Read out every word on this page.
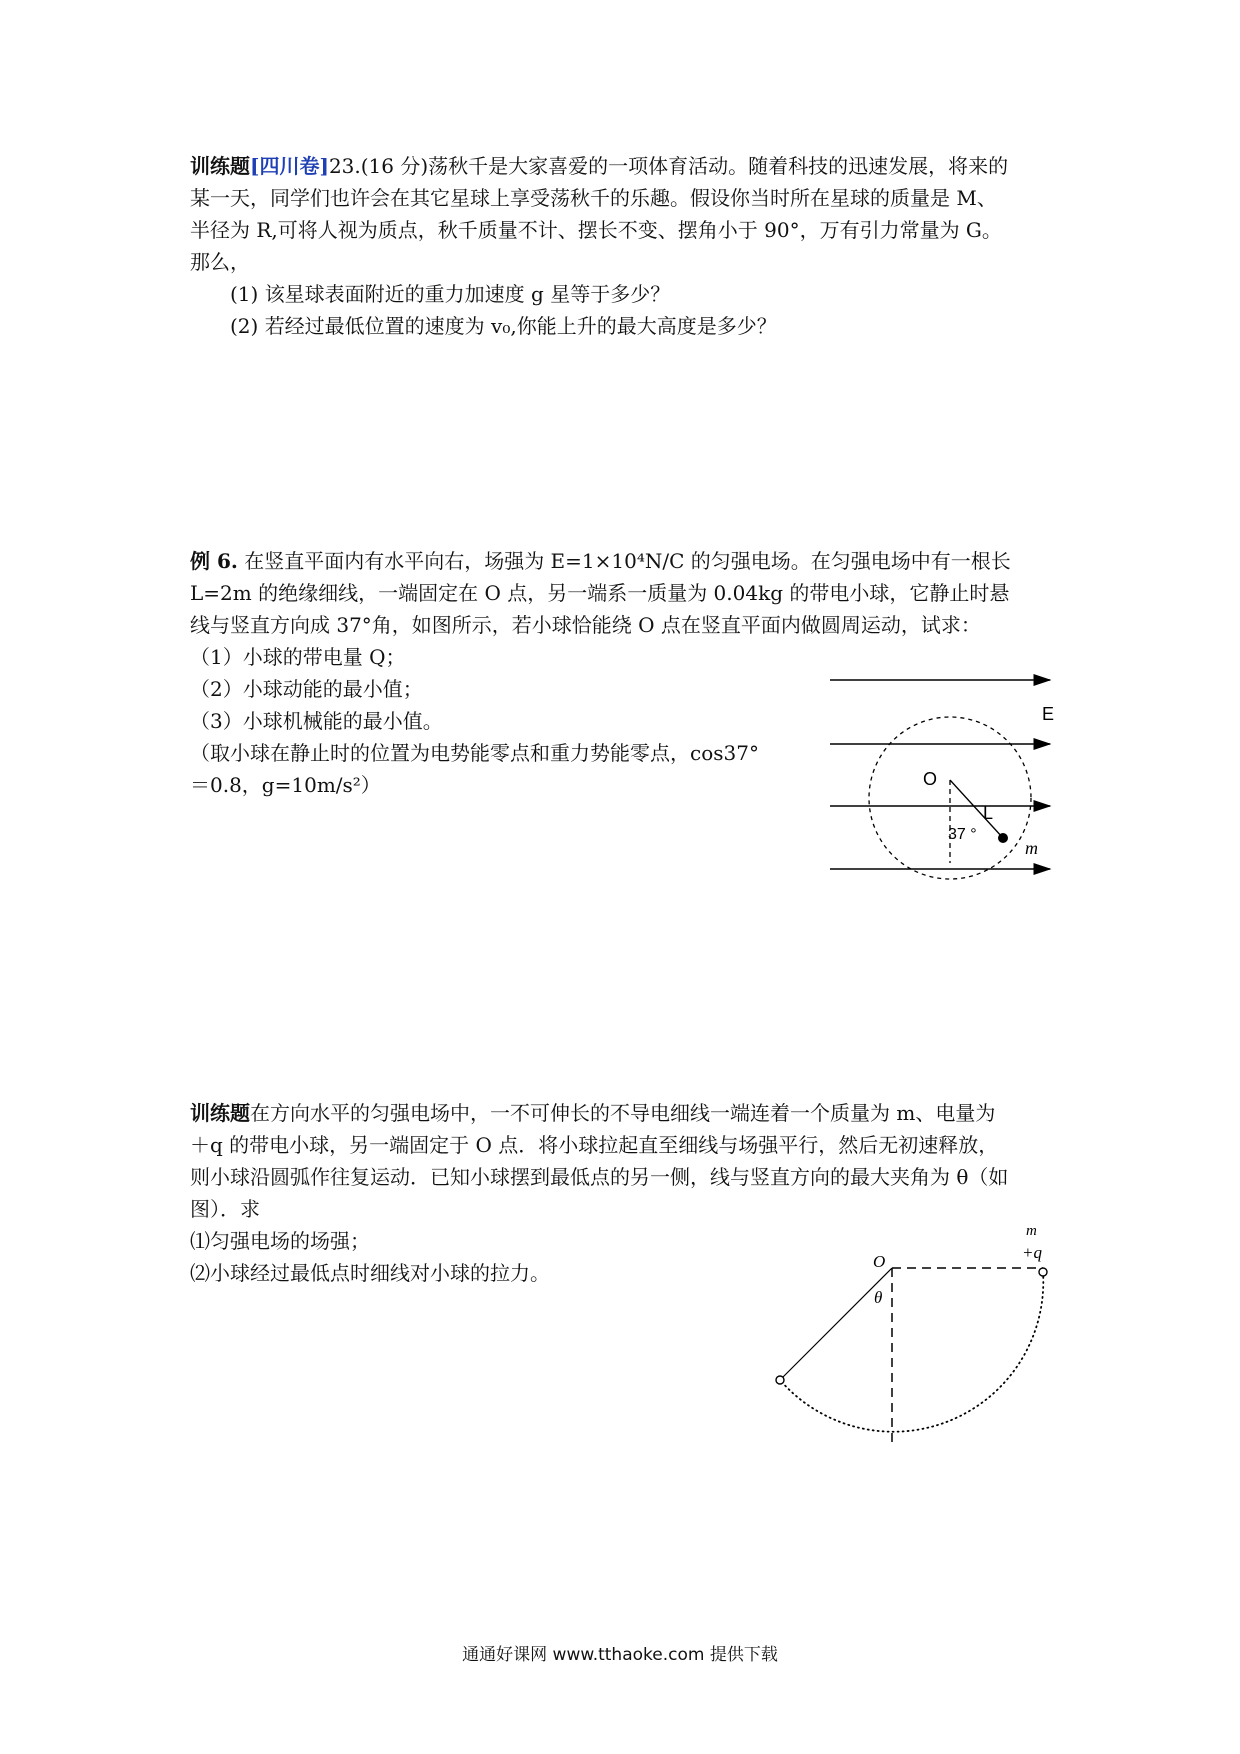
训练题[四川卷]23.(16 分)荡秋千是大家喜爱的一项体育活动。随着科技的迅速发展，将来的
某一天，同学们也许会在其它星球上享受荡秋千的乐趣。假设你当时所在星球的质量是 M、
半径为 R,可将人视为质点，秋千质量不计、摆长不变、摆角小于 90°，万有引力常量为 G。
那么，
(1) 该星球表面附近的重力加速度 g 星等于多少？
(2) 若经过最低位置的速度为 v₀,你能上升的最大高度是多少？
例 6. 在竖直平面内有水平向右，场强为 E=1×10⁴N/C 的匀强电场。在匀强电场中有一根长
L=2m 的绝缘细线，一端固定在 O 点，另一端系一质量为 0.04kg 的带电小球，它静止时悬
线与竖直方向成 37°角，如图所示，若小球恰能绕 O 点在竖直平面内做圆周运动，试求：
（1）小球的带电量 Q；
（2）小球动能的最小值；
（3）小球机械能的最小值。
（取小球在静止时的位置为电势能零点和重力势能零点，cos37°
＝0.8，g=10m/s²）
E
O
L
37 °
m
训练题在方向水平的匀强电场中，一不可伸长的不导电细线一端连着一个质量为 m、电量为
＋q 的带电小球，另一端固定于 O 点．将小球拉起直至细线与场强平行，然后无初速释放，
则小球沿圆弧作往复运动．已知小球摆到最低点的另一侧，线与竖直方向的最大夹角为 θ（如
图）．求
⑴匀强电场的场强；
⑵小球经过最低点时细线对小球的拉力。
m
+q
O
θ
通通好课网 www.tthaoke.com 提供下载
